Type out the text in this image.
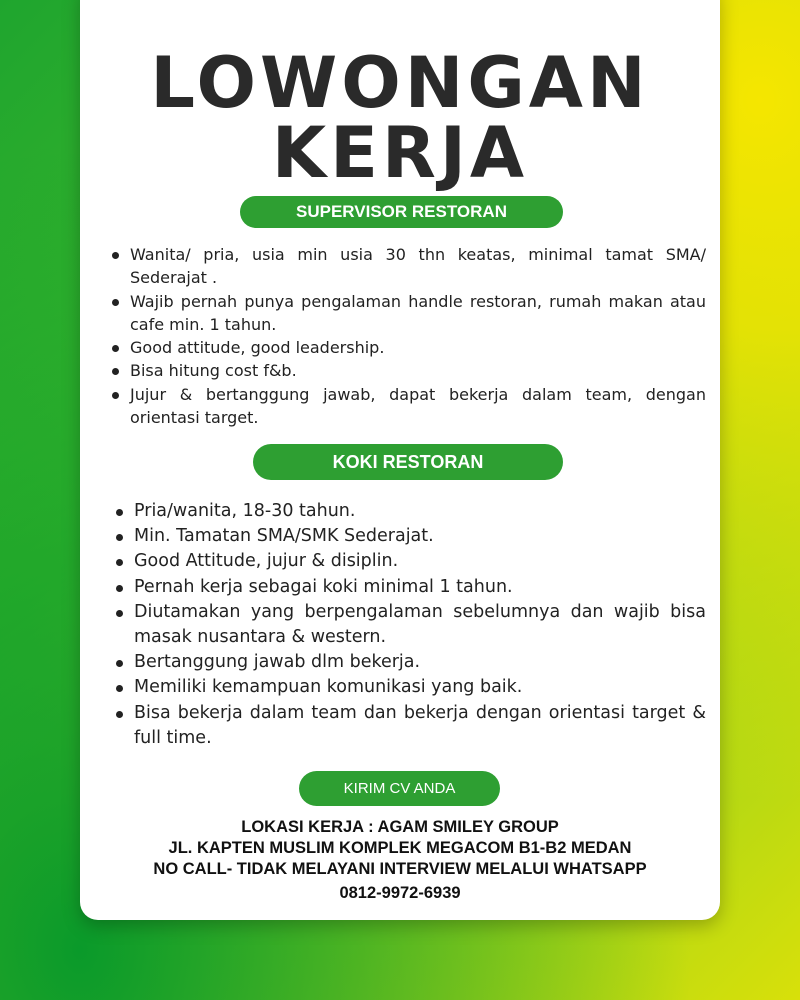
LOWONGAN
KERJA
SUPERVISOR RESTORAN
Wanita/ pria, usia min usia 30 thn keatas, minimal tamat SMA/ Sederajat .
Wajib pernah punya pengalaman handle restoran, rumah makan atau cafe min. 1 tahun.
Good attitude, good leadership.
Bisa hitung cost f&b.
Jujur & bertanggung jawab, dapat bekerja dalam team, dengan orientasi target.
KOKI RESTORAN
Pria/wanita, 18-30 tahun.
Min. Tamatan SMA/SMK Sederajat.
Good Attitude, jujur & disiplin.
Pernah kerja sebagai koki minimal 1 tahun.
Diutamakan yang berpengalaman sebelumnya dan wajib bisa masak nusantara & western.
Bertanggung jawab dlm bekerja.
Memiliki kemampuan komunikasi yang baik.
Bisa bekerja dalam team dan bekerja dengan orientasi target & full time.
KIRIM CV ANDA
LOKASI KERJA : AGAM SMILEY GROUP
JL. KAPTEN MUSLIM KOMPLEK MEGACOM B1-B2 MEDAN
NO CALL- TIDAK MELAYANI INTERVIEW MELALUI WHATSAPP
0812-9972-6939
